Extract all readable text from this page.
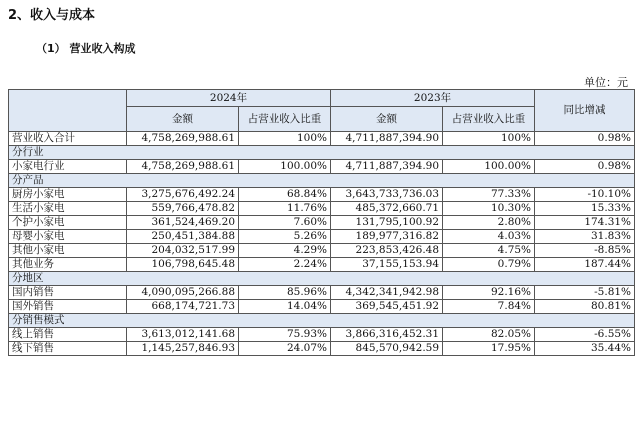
2、收入与成本
（1） 营业收入构成
单位：元
	2024年		2023年		同比增减
	金额	占营业收入比重	金额	占营业收入比重	
营业收入合计	4,758,269,988.61	100%	4,711,887,394.90	100%	0.98%
分行业					
小家电行业	4,758,269,988.61	100.00%	4,711,887,394.90	100.00%	0.98%
分产品					
厨房小家电	3,275,676,492.24	68.84%	3,643,733,736.03	77.33%	-10.10%
生活小家电	559,766,478.82	11.76%	485,372,660.71	10.30%	15.33%
个护小家电	361,524,469.20	7.60%	131,795,100.92	2.80%	174.31%
母婴小家电	250,451,384.88	5.26%	189,977,316.82	4.03%	31.83%
其他小家电	204,032,517.99	4.29%	223,853,426.48	4.75%	-8.85%
其他业务	106,798,645.48	2.24%	37,155,153.94	0.79%	187.44%
分地区					
国内销售	4,090,095,266.88	85.96%	4,342,341,942.98	92.16%	-5.81%
国外销售	668,174,721.73	14.04%	369,545,451.92	7.84%	80.81%
分销售模式					
线上销售	3,613,012,141.68	75.93%	3,866,316,452.31	82.05%	-6.55%
线下销售	1,145,257,846.93	24.07%	845,570,942.59	17.95%	35.44%
